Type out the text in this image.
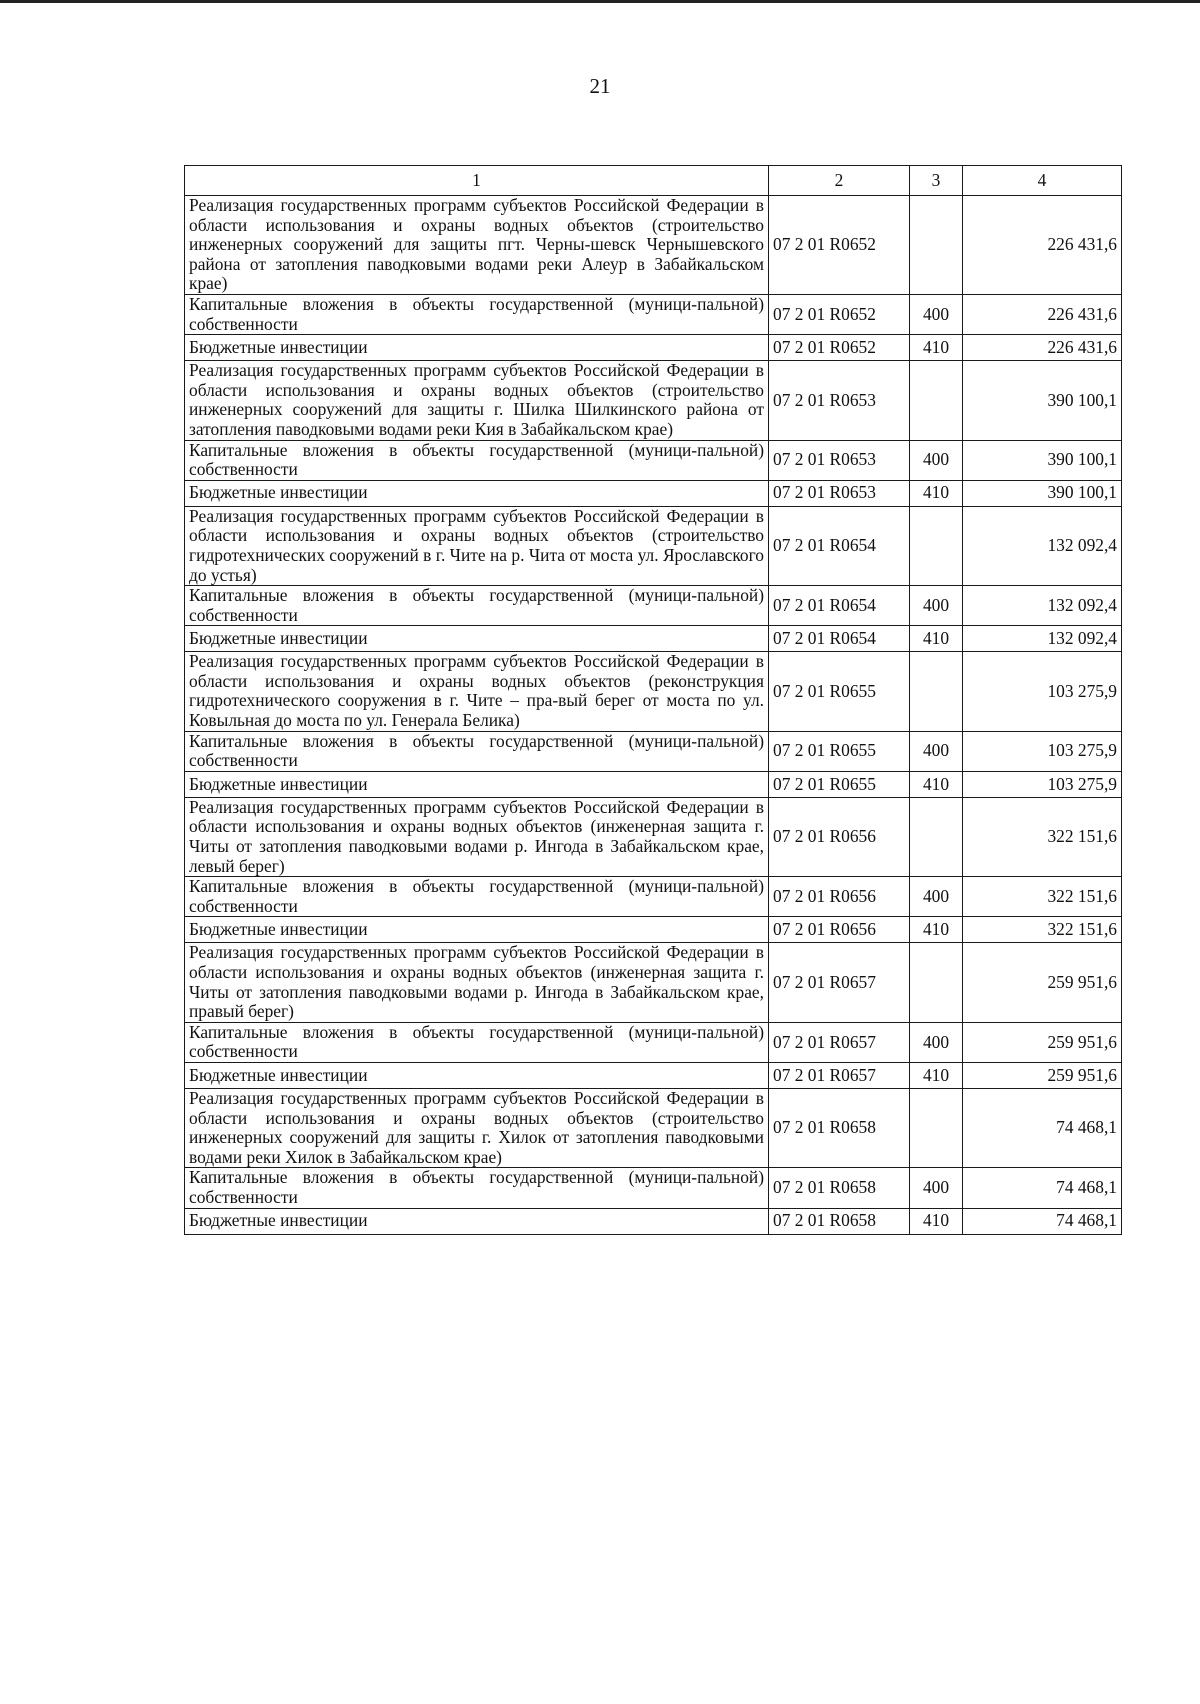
21
1	2	3	4
Реализация государственных программ субъектов Российской Федерации в области использования и охраны водных объектов (строительство инженерных сооружений для защиты пгт. Черны-шевск Чернышевского района от затопления паводковыми водами реки Алеур в Забайкальском крае)	07 2 01 R0652		226 431,6
Капитальные вложения в объекты государственной (муници-пальной) собственности	07 2 01 R0652	400	226 431,6
Бюджетные инвестиции	07 2 01 R0652	410	226 431,6
Реализация государственных программ субъектов Российской Федерации в области использования и охраны водных объектов (строительство инженерных сооружений для защиты г. Шилка Шилкинского района от затопления паводковыми водами реки Кия в Забайкальском крае)	07 2 01 R0653		390 100,1
Капитальные вложения в объекты государственной (муници-пальной) собственности	07 2 01 R0653	400	390 100,1
Бюджетные инвестиции	07 2 01 R0653	410	390 100,1
Реализация государственных программ субъектов Российской Федерации в области использования и охраны водных объектов (строительство гидротехнических сооружений в г. Чите на р. Чита от моста ул. Ярославского до устья)	07 2 01 R0654		132 092,4
Капитальные вложения в объекты государственной (муници-пальной) собственности	07 2 01 R0654	400	132 092,4
Бюджетные инвестиции	07 2 01 R0654	410	132 092,4
Реализация государственных программ субъектов Российской Федерации в области использования и охраны водных объектов (реконструкция гидротехнического сооружения в г. Чите – пра-вый берег от моста по ул. Ковыльная до моста по ул. Генерала Белика)	07 2 01 R0655		103 275,9
Капитальные вложения в объекты государственной (муници-пальной) собственности	07 2 01 R0655	400	103 275,9
Бюджетные инвестиции	07 2 01 R0655	410	103 275,9
Реализация государственных программ субъектов Российской Федерации в области использования и охраны водных объектов (инженерная защита г. Читы от затопления паводковыми водами р. Ингода в Забайкальском крае, левый берег)	07 2 01 R0656		322 151,6
Капитальные вложения в объекты государственной (муници-пальной) собственности	07 2 01 R0656	400	322 151,6
Бюджетные инвестиции	07 2 01 R0656	410	322 151,6
Реализация государственных программ субъектов Российской Федерации в области использования и охраны водных объектов (инженерная защита г. Читы от затопления паводковыми водами р. Ингода в Забайкальском крае, правый берег)	07 2 01 R0657		259 951,6
Капитальные вложения в объекты государственной (муници-пальной) собственности	07 2 01 R0657	400	259 951,6
Бюджетные инвестиции	07 2 01 R0657	410	259 951,6
Реализация государственных программ субъектов Российской Федерации в области использования и охраны водных объектов (строительство инженерных сооружений для защиты г. Хилок от затопления паводковыми водами реки Хилок в Забайкальском крае)	07 2 01 R0658		74 468,1
Капитальные вложения в объекты государственной (муници-пальной) собственности	07 2 01 R0658	400	74 468,1
Бюджетные инвестиции	07 2 01 R0658	410	74 468,1
